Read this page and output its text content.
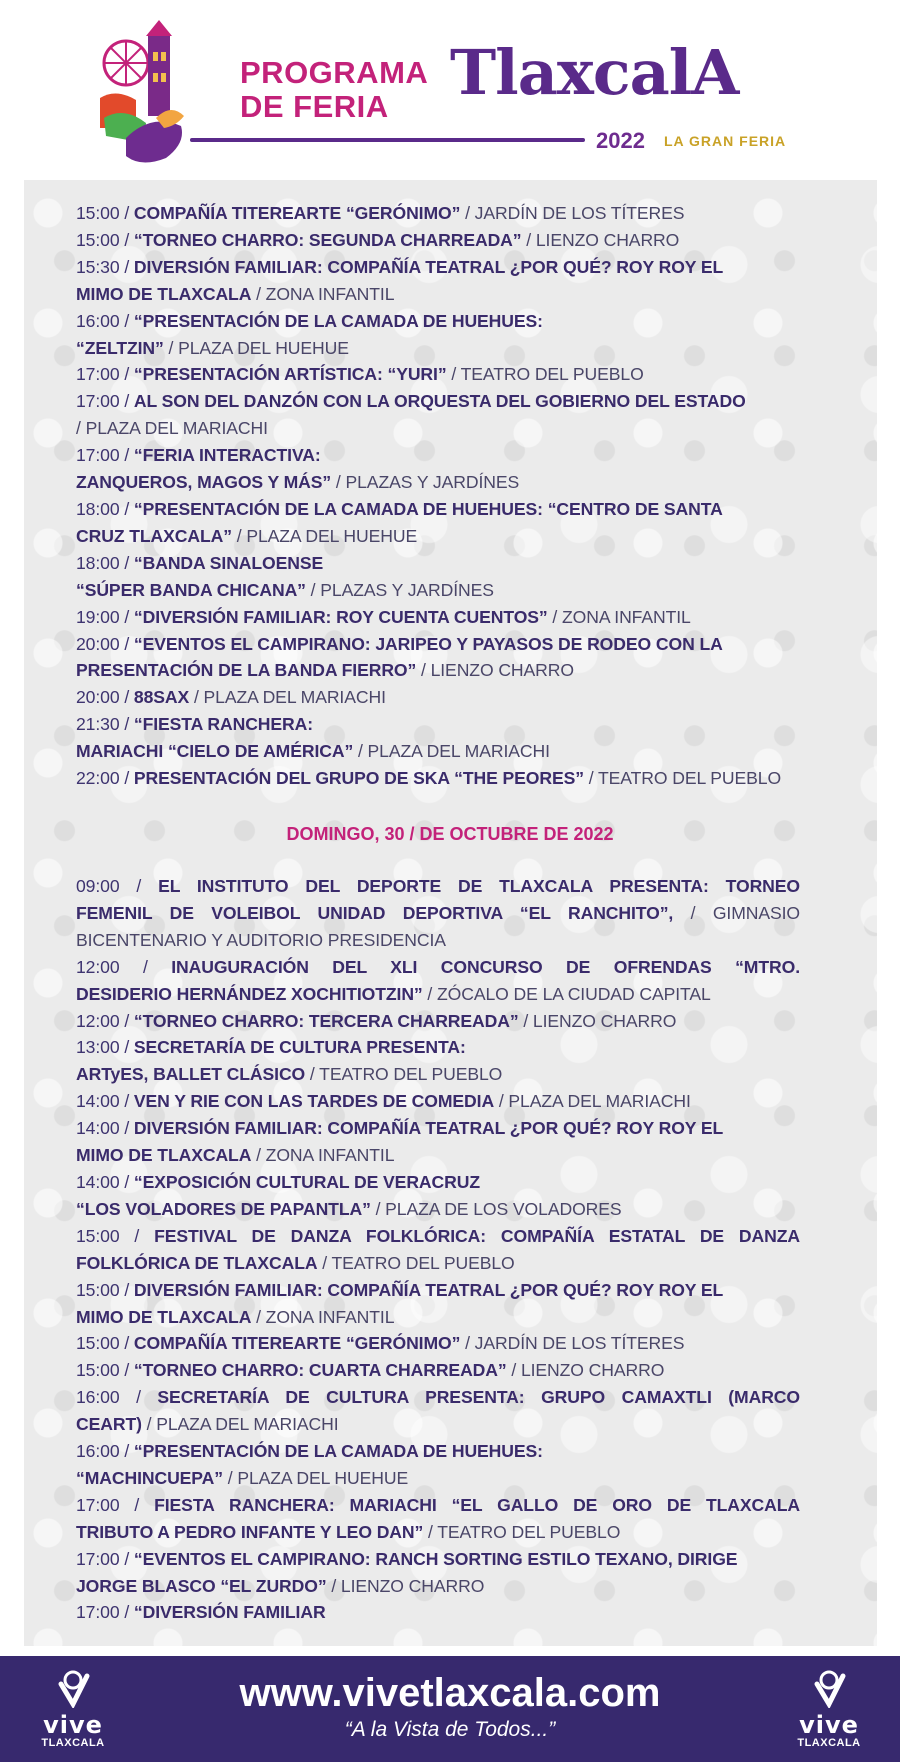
PROGRAMA
DE FERIA TlaxcalA
2022 LA GRAN FERIA
15:00 / COMPAÑÍA TITEREARTE “GERÓNIMO” / JARDÍN DE LOS TÍTERES
15:00 / “TORNEO CHARRO: SEGUNDA CHARREADA” / LIENZO CHARRO
15:30 / DIVERSIÓN FAMILIAR: COMPAÑÍA TEATRAL ¿POR QUÉ? ROY ROY EL
MIMO DE TLAXCALA / ZONA INFANTIL
16:00 / “PRESENTACIÓN DE LA CAMADA DE HUEHUES:
“ZELTZIN” / PLAZA DEL HUEHUE
17:00 / “PRESENTACIÓN ARTÍSTICA: “YURI” / TEATRO DEL PUEBLO
17:00 / AL SON DEL DANZÓN CON LA ORQUESTA DEL GOBIERNO DEL ESTADO
/ PLAZA DEL MARIACHI
17:00 / “FERIA INTERACTIVA:
ZANQUEROS, MAGOS Y MÁS” / PLAZAS Y JARDÍNES
18:00 / “PRESENTACIÓN DE LA CAMADA DE HUEHUES: “CENTRO DE SANTA
CRUZ TLAXCALA” / PLAZA DEL HUEHUE
18:00 / “BANDA SINALOENSE
“SÚPER BANDA CHICANA” / PLAZAS Y JARDÍNES
19:00 / “DIVERSIÓN FAMILIAR: ROY CUENTA CUENTOS” / ZONA INFANTIL
20:00 / “EVENTOS EL CAMPIRANO: JARIPEO Y PAYASOS DE RODEO CON LA
PRESENTACIÓN DE LA BANDA FIERRO” / LIENZO CHARRO
20:00 / 88SAX / PLAZA DEL MARIACHI
21:30 / “FIESTA RANCHERA:
MARIACHI “CIELO DE AMÉRICA” / PLAZA DEL MARIACHI
22:00 / PRESENTACIÓN DEL GRUPO DE SKA “THE PEORES” / TEATRO DEL PUEBLO
DOMINGO, 30 / DE OCTUBRE DE 2022
09:00 / EL INSTITUTO DEL DEPORTE DE TLAXCALA PRESENTA: TORNEO
FEMENIL DE VOLEIBOL UNIDAD DEPORTIVA “EL RANCHITO”, / GIMNASIO
BICENTENARIO Y AUDITORIO PRESIDENCIA
12:00 / INAUGURACIÓN DEL XLI CONCURSO DE OFRENDAS “MTRO.
DESIDERIO HERNÁNDEZ XOCHITIOTZIN” / ZÓCALO DE LA CIUDAD CAPITAL
12:00 / “TORNEO CHARRO: TERCERA CHARREADA” / LIENZO CHARRO
13:00 / SECRETARÍA DE CULTURA PRESENTA:
ARTyES, BALLET CLÁSICO / TEATRO DEL PUEBLO
14:00 / VEN Y RIE CON LAS TARDES DE COMEDIA / PLAZA DEL MARIACHI
14:00 / DIVERSIÓN FAMILIAR: COMPAÑÍA TEATRAL ¿POR QUÉ? ROY ROY EL
MIMO DE TLAXCALA / ZONA INFANTIL
14:00 / “EXPOSICIÓN CULTURAL DE VERACRUZ
“LOS VOLADORES DE PAPANTLA” / PLAZA DE LOS VOLADORES
15:00 / FESTIVAL DE DANZA FOLKLÓRICA: COMPAÑÍA ESTATAL DE DANZA
FOLKLÓRICA DE TLAXCALA / TEATRO DEL PUEBLO
15:00 / DIVERSIÓN FAMILIAR: COMPAÑÍA TEATRAL ¿POR QUÉ? ROY ROY EL
MIMO DE TLAXCALA / ZONA INFANTIL
15:00 / COMPAÑÍA TITEREARTE “GERÓNIMO” / JARDÍN DE LOS TÍTERES
15:00 / “TORNEO CHARRO: CUARTA CHARREADA” / LIENZO CHARRO
16:00 / SECRETARÍA DE CULTURA PRESENTA: GRUPO CAMAXTLI (MARCO
CEART) / PLAZA DEL MARIACHI
16:00 / “PRESENTACIÓN DE LA CAMADA DE HUEHUES:
“MACHINCUEPA” / PLAZA DEL HUEHUE
17:00 / FIESTA RANCHERA: MARIACHI “EL GALLO DE ORO DE TLAXCALA
TRIBUTO A PEDRO INFANTE Y LEO DAN” / TEATRO DEL PUEBLO
17:00 / “EVENTOS EL CAMPIRANO: RANCH SORTING ESTILO TEXANO, DIRIGE
JORGE BLASCO “EL ZURDO” / LIENZO CHARRO
17:00 / “DIVERSIÓN FAMILIAR
vive
TLAXCALA
www.vivetlaxcala.com
“A la Vista de Todos...”	vive
TLAXCALA
